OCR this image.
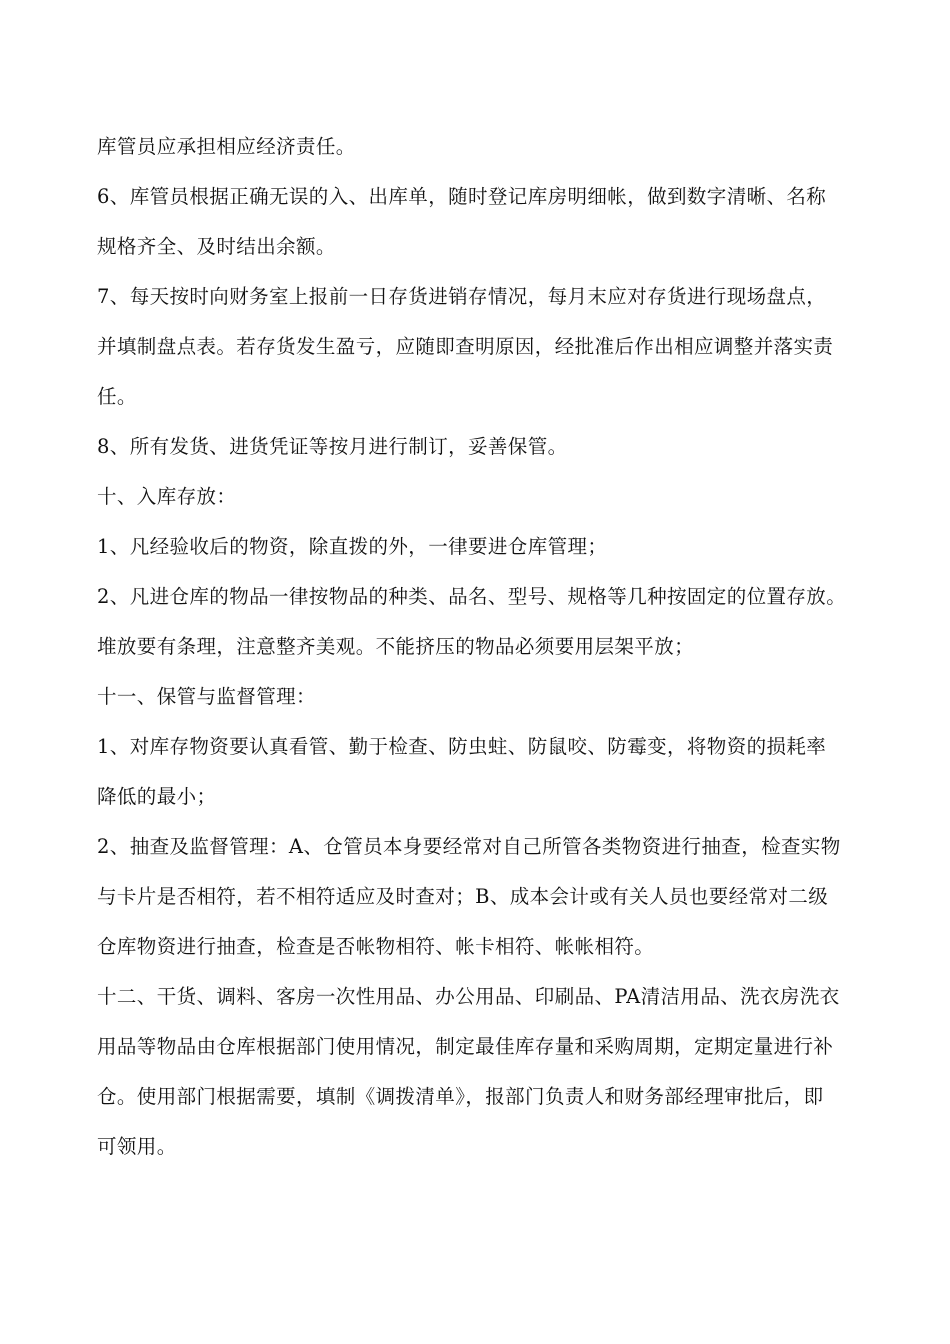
库管员应承担相应经济责任。
6、库管员根据正确无误的入、出库单，随时登记库房明细帐，做到数字清晰、名称
规格齐全、及时结出余额。
7、每天按时向财务室上报前一日存货进销存情况，每月末应对存货进行现场盘点，
并填制盘点表。若存货发生盈亏，应随即查明原因，经批准后作出相应调整并落实责
任。
8、所有发货、进货凭证等按月进行制订，妥善保管。
十、入库存放：
1、凡经验收后的物资，除直拨的外，一律要进仓库管理；
2、凡进仓库的物品一律按物品的种类、品名、型号、规格等几种按固定的位置存放。
堆放要有条理，注意整齐美观。不能挤压的物品必须要用层架平放；
十一、保管与监督管理：
1、对库存物资要认真看管、勤于检查、防虫蛀、防鼠咬、防霉变，将物资的损耗率
降低的最小；
2、抽查及监督管理：A、仓管员本身要经常对自己所管各类物资进行抽查，检查实物
与卡片是否相符，若不相符适应及时查对；B、成本会计或有关人员也要经常对二级
仓库物资进行抽查，检查是否帐物相符、帐卡相符、帐帐相符。
十二、干货、调料、客房一次性用品、办公用品、印刷品、PA清洁用品、洗衣房洗衣
用品等物品由仓库根据部门使用情况，制定最佳库存量和采购周期，定期定量进行补
仓。使用部门根据需要，填制《调拨清单》，报部门负责人和财务部经理审批后，即
可领用。
